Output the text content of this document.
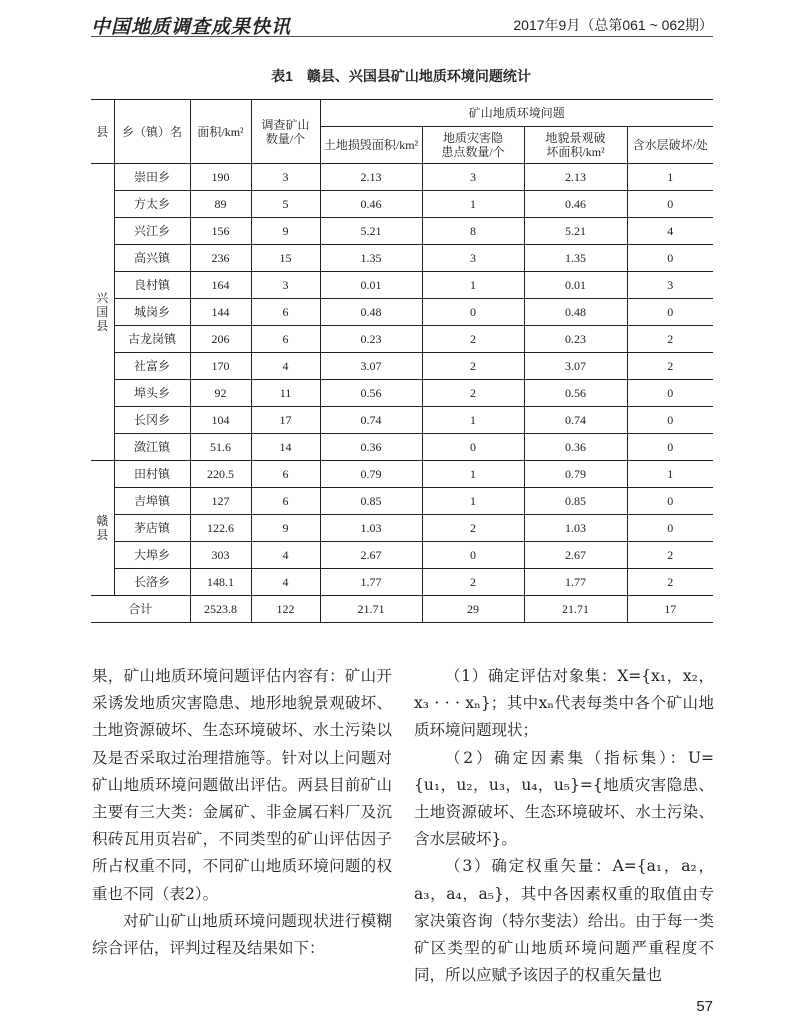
中国地质调查成果快讯	2017年9月（总第061 ~ 062期）
表1　赣县、兴国县矿山地质环境问题统计
县	乡（镇）名	面积/km²	调查矿山数量/个	矿山地质环境问题			
				土地损毁面积/km²	地质灾害隐患点数量/个	地貌景观破坏面积/km²	含水层破坏/处
兴
国
县	崇田乡	190	3	2.13	3	2.13	1
	方太乡	89	5	0.46	1	0.46	0
	兴江乡	156	9	5.21	8	5.21	4
	高兴镇	236	15	1.35	3	1.35	0
	良村镇	164	3	0.01	1	0.01	3
	城岗乡	144	6	0.48	0	0.48	0
	古龙岗镇	206	6	0.23	2	0.23	2
	社富乡	170	4	3.07	2	3.07	2
	埠头乡	92	11	0.56	2	0.56	0
	长冈乡	104	17	0.74	1	0.74	0
	潋江镇	51.6	14	0.36	0	0.36	0
赣
县	田村镇	220.5	6	0.79	1	0.79	1
	吉埠镇	127	6	0.85	1	0.85	0
	茅店镇	122.6	9	1.03	2	1.03	0
	大埠乡	303	4	2.67	0	2.67	2
	长洛乡	148.1	4	1.77	2	1.77	2
合计		2523.8	122	21.71	29	21.71	17

果，矿山地质环境问题评估内容有：矿山开采诱发地质灾害隐患、地形地貌景观破坏、土地资源破坏、生态环境破坏、水土污染以及是否采取过治理措施等。针对以上问题对矿山地质环境问题做出评估。两县目前矿山主要有三大类：金属矿、非金属石料厂及沉积砖瓦用页岩矿，不同类型的矿山评估因子所占权重不同，不同矿山地质环境问题的权重也不同（表2）。

对矿山矿山地质环境问题现状进行模糊综合评估，评判过程及结果如下：

（1）确定评估对象集：X={x₁，x₂，x₃ · · · xₙ}；其中xₙ代表每类中各个矿山地质环境问题现状；

（2）确定因素集（指标集）：U={u₁，u₂，u₃，u₄，u₅}={地质灾害隐患、土地资源破坏、生态环境破坏、水土污染、含水层破坏}。

（3）确定权重矢量：A={a₁，a₂，a₃，a₄，a₅}，其中各因素权重的取值由专家决策咨询（特尔斐法）给出。由于每一类矿区类型的矿山地质环境问题严重程度不同，所以应赋予该因子的权重矢量也

57
